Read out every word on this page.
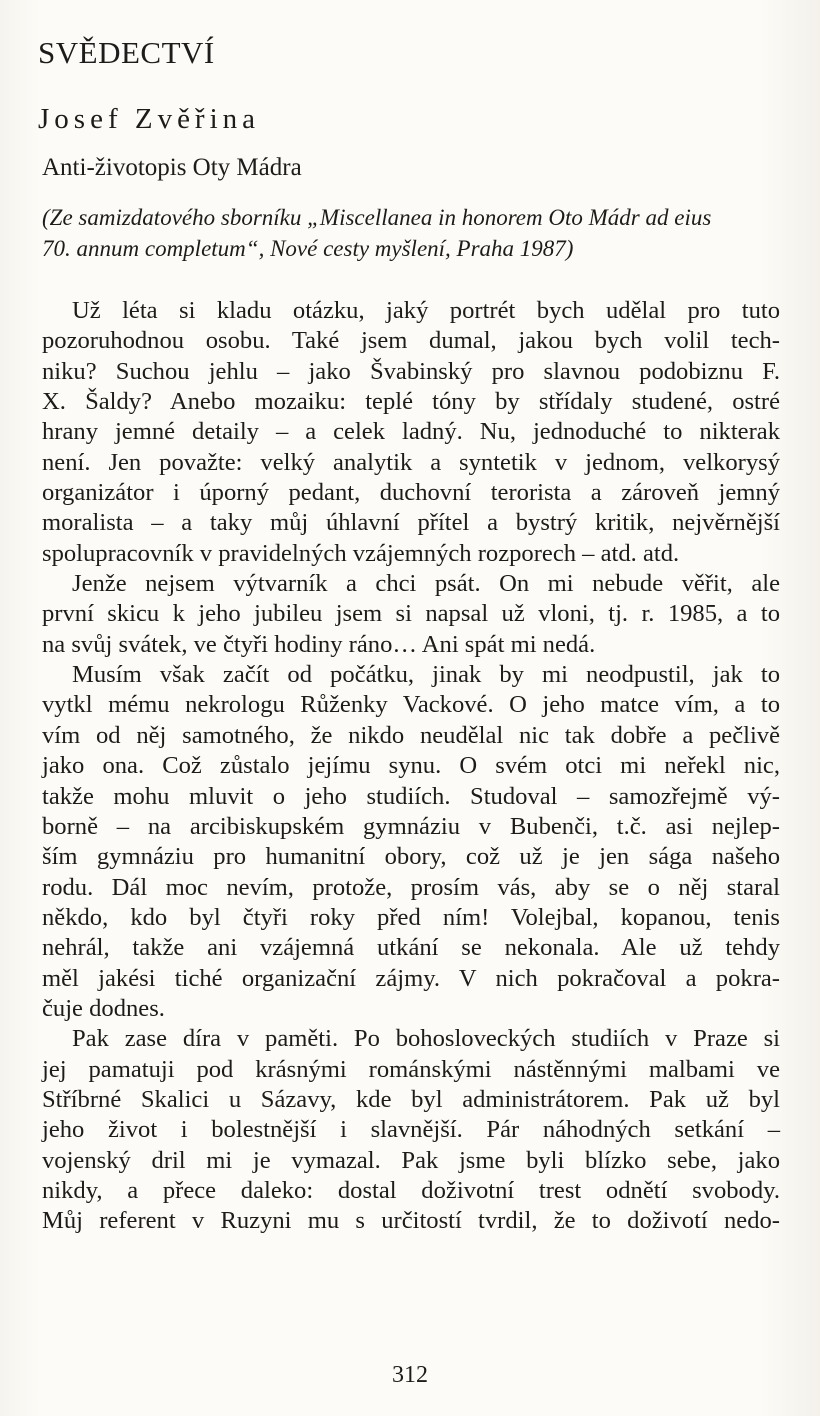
SVĚDECTVÍ
Josef Zvěřina
Anti-životopis Oty Mádra
(Ze samizdatového sborníku „Miscellanea in honorem Oto Mádr ad eius
70. annum completum“, Nové cesty myšlení, Praha 1987)
Už léta si kladu otázku, jaký portrét bych udělal pro tuto
pozoruhodnou osobu. Také jsem dumal, jakou bych volil tech-
niku? Suchou jehlu – jako Švabinský pro slavnou podobiznu F.
X. Šaldy? Anebo mozaiku: teplé tóny by střídaly studené, ostré
hrany jemné detaily – a celek ladný. Nu, jednoduché to nikterak
není. Jen považte: velký analytik a syntetik v jednom, velkorysý
organizátor i úporný pedant, duchovní terorista a zároveň jemný
moralista – a taky můj úhlavní přítel a bystrý kritik, nejvěrnější
spolupracovník v pravidelných vzájemných rozporech – atd. atd.
Jenže nejsem výtvarník a chci psát. On mi nebude věřit, ale
první skicu k jeho jubileu jsem si napsal už vloni, tj. r. 1985, a to
na svůj svátek, ve čtyři hodiny ráno… Ani spát mi nedá.
Musím však začít od počátku, jinak by mi neodpustil, jak to
vytkl mému nekrologu Růženky Vackové. O jeho matce vím, a to
vím od něj samotného, že nikdo neudělal nic tak dobře a pečlivě
jako ona. Což zůstalo jejímu synu. O svém otci mi neřekl nic,
takže mohu mluvit o jeho studiích. Studoval – samozřejmě vý-
borně – na arcibiskupském gymnáziu v Bubenči, t.č. asi nejlep-
ším gymnáziu pro humanitní obory, což už je jen sága našeho
rodu. Dál moc nevím, protože, prosím vás, aby se o něj staral
někdo, kdo byl čtyři roky před ním! Volejbal, kopanou, tenis
nehrál, takže ani vzájemná utkání se nekonala. Ale už tehdy
měl jakési tiché organizační zájmy. V nich pokračoval a pokra-
čuje dodnes.
Pak zase díra v paměti. Po bohosloveckých studiích v Praze si
jej pamatuji pod krásnými románskými nástěnnými malbami ve
Stříbrné Skalici u Sázavy, kde byl administrátorem. Pak už byl
jeho život i bolestnější i slavnější. Pár náhodných setkání –
vojenský dril mi je vymazal. Pak jsme byli blízko sebe, jako
nikdy, a přece daleko: dostal doživotní trest odnětí svobody.
Můj referent v Ruzyni mu s určitostí tvrdil, že to doživotí nedo-
312
